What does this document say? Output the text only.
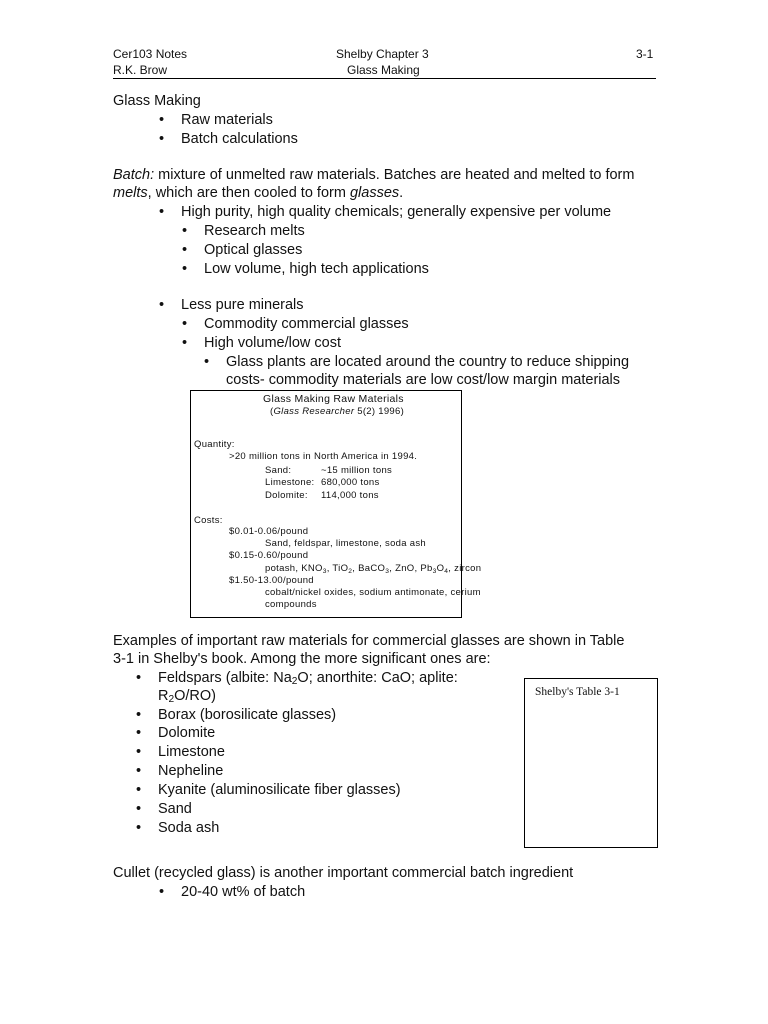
Cer103 Notes
R.K. Brow
Shelby Chapter 3
Glass Making
3-1
Glass Making
• Raw materials
• Batch calculations
Batch: mixture of unmelted raw materials. Batches are heated and melted to form
melts, which are then cooled to form glasses.
• High purity, high quality chemicals; generally expensive per volume
• Research melts
• Optical glasses
• Low volume, high tech applications
• Less pure minerals
• Commodity commercial glasses
• High volume/low cost
• Glass plants are located around the country to reduce shipping
costs- commodity materials are low cost/low margin materials
Glass Making Raw Materials
(Glass Researcher 5(2) 1996)
Quantity:
>20 million tons in North America in 1994.
Sand:	~15 million tons
Limestone: 680,000 tons
Dolomite: 114,000 tons
Costs:
$0.01-0.06/pound
Sand, feldspar, limestone, soda ash
$0.15-0.60/pound
potash, $KNO_3$, TiO$_2$, BaCO$_3$, ZnO, $Pb_3O_4$, zircon
$1.50-13.00/pound
cobalt/nickel oxides, sodium antimonate, cerium
compounds
Examples of important raw materials for commercial glasses are shown in Table
3-1 in Shelby's book. Among the more significant ones are:
• Feldspars (albite: $Na_2O$; anorthite: CaO; aplite:
$R_2O/RO$)
• Borax (borosilicate glasses)
• Dolomite
• Limestone
• Nepheline
• Kyanite (aluminosilicate fiber glasses)
• Sand
• Soda ash
Shelby's Table 3-1
Cullet (recycled glass) is another important commercial batch ingredient
• 20-40 wt% of batch
